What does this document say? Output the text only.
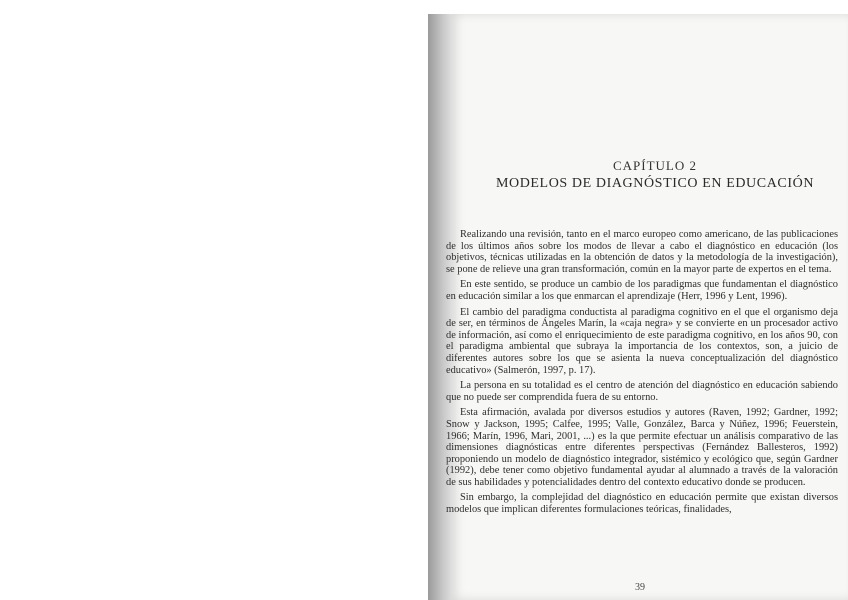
CAPÍTULO 2
MODELOS DE DIAGNÓSTICO EN EDUCACIÓN

Realizando una revisión, tanto en el marco europeo como americano, de las publicaciones de los últimos años sobre los modos de llevar a cabo el diagnóstico en educación (los objetivos, técnicas utilizadas en la obtención de datos y la metodología de la investigación), se pone de relieve una gran transformación, común en la mayor parte de expertos en el tema.

En este sentido, se produce un cambio de los paradigmas que fundamentan el diagnóstico en educación similar a los que enmarcan el aprendizaje (Herr, 1996 y Lent, 1996).

El cambio del paradigma conductista al paradigma cognitivo en el que el organismo deja de ser, en términos de Ángeles Marín, la «caja negra» y se convierte en un procesador activo de información, así como el enriquecimiento de este paradigma cognitivo, en los años 90, con el paradigma ambiental que subraya la importancia de los contextos, son, a juicio de diferentes autores sobre los que se asienta la nueva conceptualización del diagnóstico educativo» (Salmerón, 1997, p. 17).

La persona en su totalidad es el centro de atención del diagnóstico en educación sabiendo que no puede ser comprendida fuera de su entorno.

Esta afirmación, avalada por diversos estudios y autores (Raven, 1992; Gardner, 1992; Snow y Jackson, 1995; Calfee, 1995; Valle, González, Barca y Núñez, 1996; Feuerstein, 1966; Marín, 1996, Mari, 2001, ...) es la que permite efectuar un análisis comparativo de las dimensiones diagnósticas entre diferentes perspectivas (Fernández Ballesteros, 1992) proponiendo un modelo de diagnóstico integrador, sistémico y ecológico que, según Gardner (1992), debe tener como objetivo fundamental ayudar al alumnado a través de la valoración de sus habilidades y potencialidades dentro del contexto educativo donde se producen.

Sin embargo, la complejidad del diagnóstico en educación permite que existan diversos modelos que implican diferentes formulaciones teóricas, finalidades,

39
